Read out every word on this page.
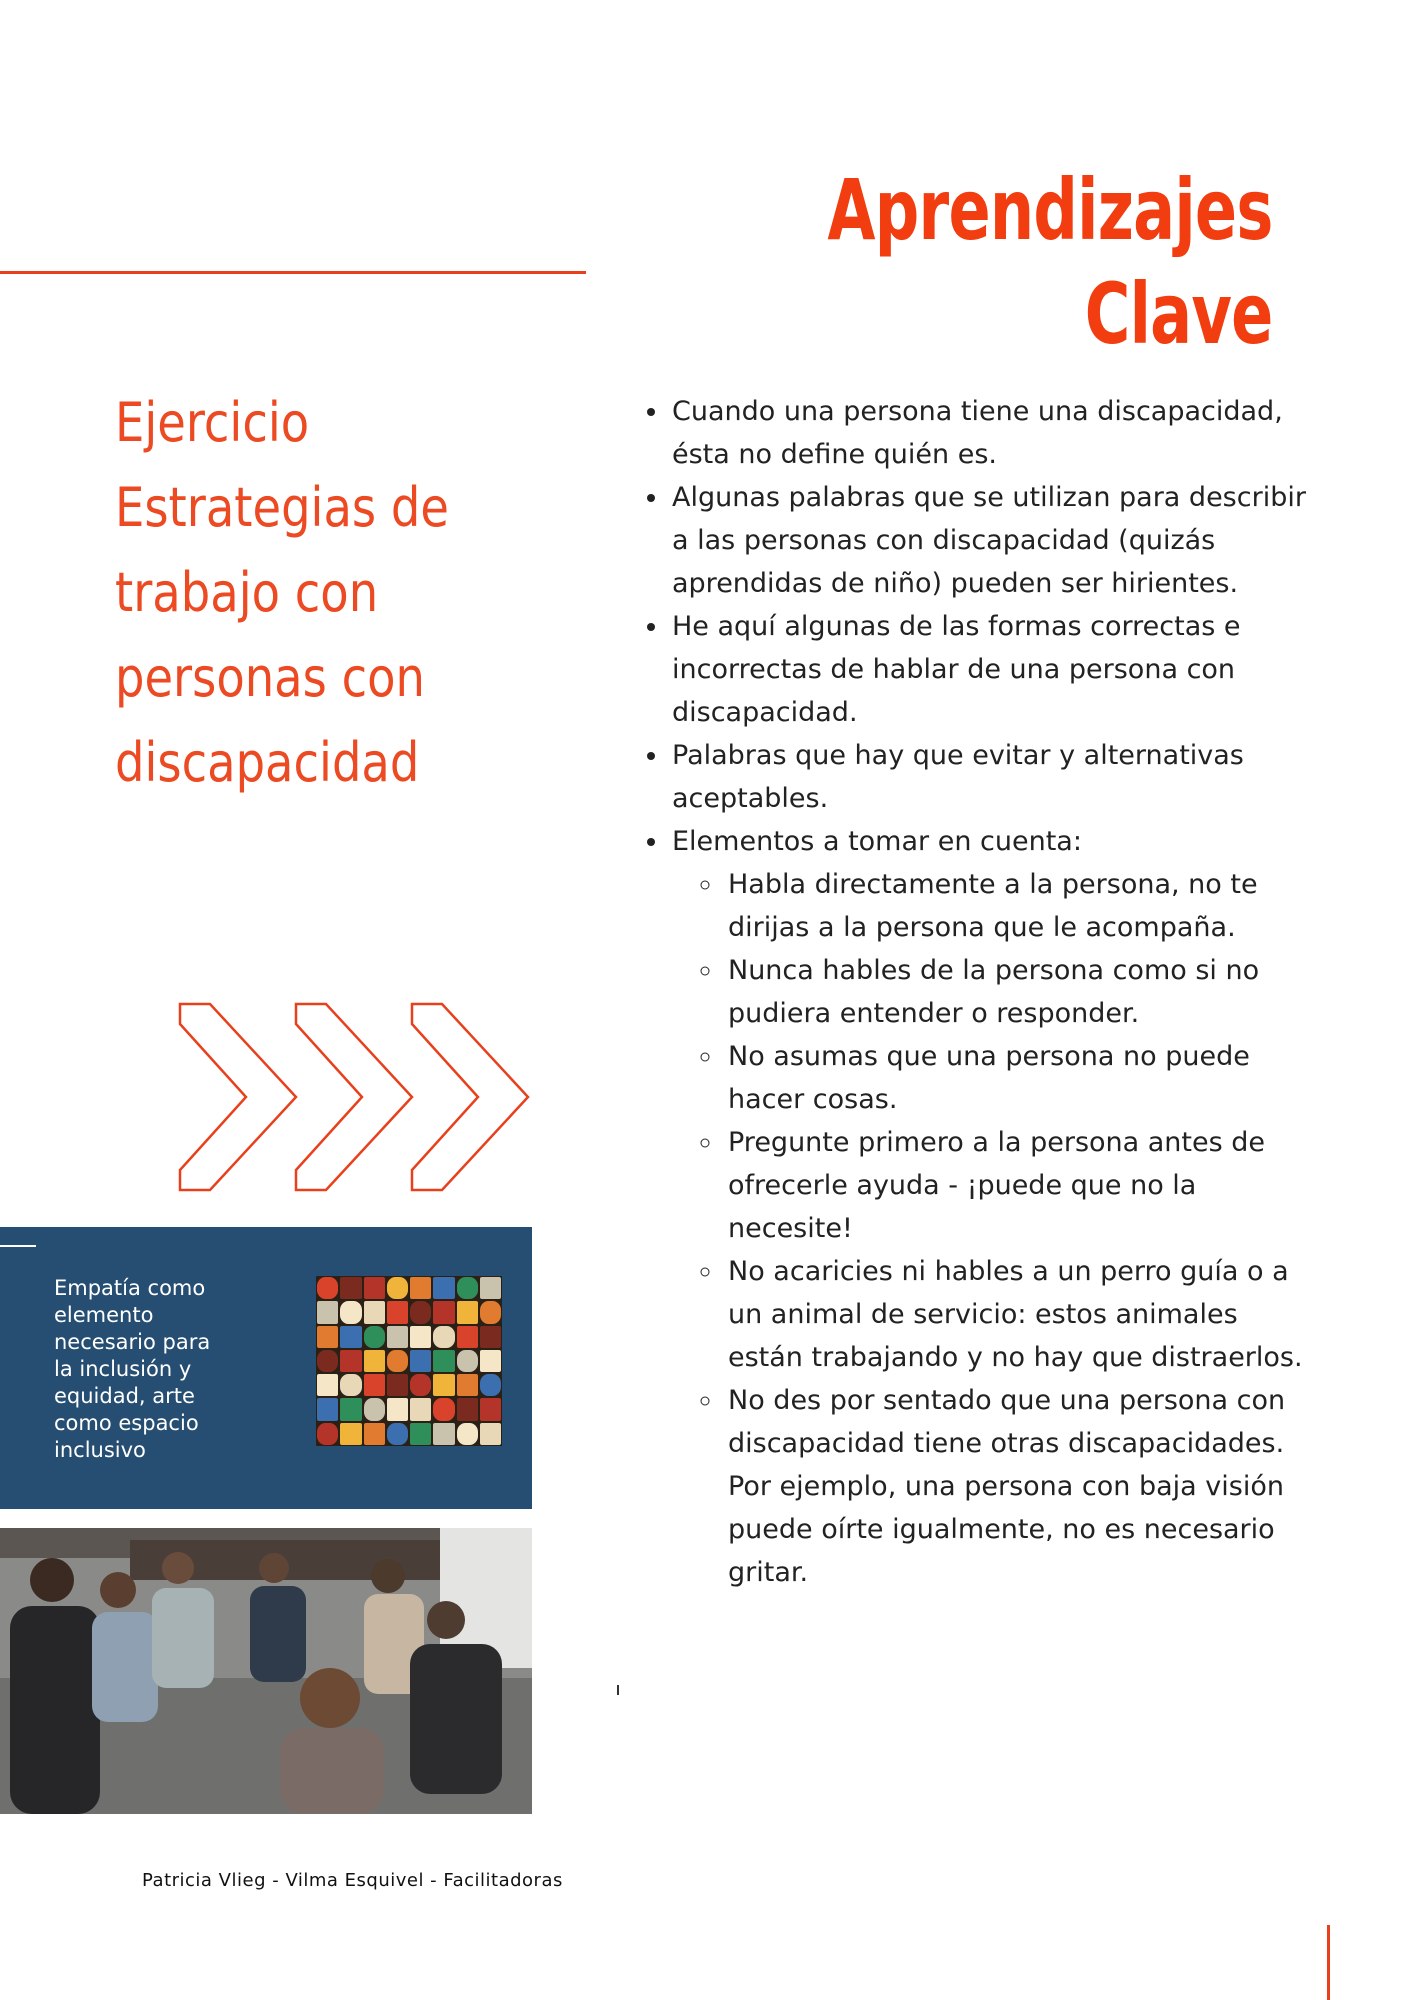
Aprendizajes
Clave
Ejercicio
Estrategias de
trabajo con
personas con
discapacidad

Empatía como
elemento
necesario para
la inclusión y
equidad, arte
como espacio
inclusivo

• Cuando una persona tiene una discapacidad, ésta no define quién es.
• Algunas palabras que se utilizan para describir a las personas con discapacidad (quizás aprendidas de niño) pueden ser hirientes.
• He aquí algunas de las formas correctas e incorrectas de hablar de una persona con discapacidad.
• Palabras que hay que evitar y alternativas aceptables.
• Elementos a tomar en cuenta:
◦ Habla directamente a la persona, no te dirijas a la persona que le acompaña.
◦ Nunca hables de la persona como si no pudiera entender o responder.
◦ No asumas que una persona no puede hacer cosas.
◦ Pregunte primero a la persona antes de ofrecerle ayuda - ¡puede que no la necesite!
◦ No acaricies ni hables a un perro guía o a un animal de servicio: estos animales están trabajando y no hay que distraerlos.
◦ No des por sentado que una persona con discapacidad tiene otras discapacidades. Por ejemplo, una persona con baja visión puede oírte igualmente, no es necesario gritar.

Patricia Vlieg - Vilma Esquivel - Facilitadoras
